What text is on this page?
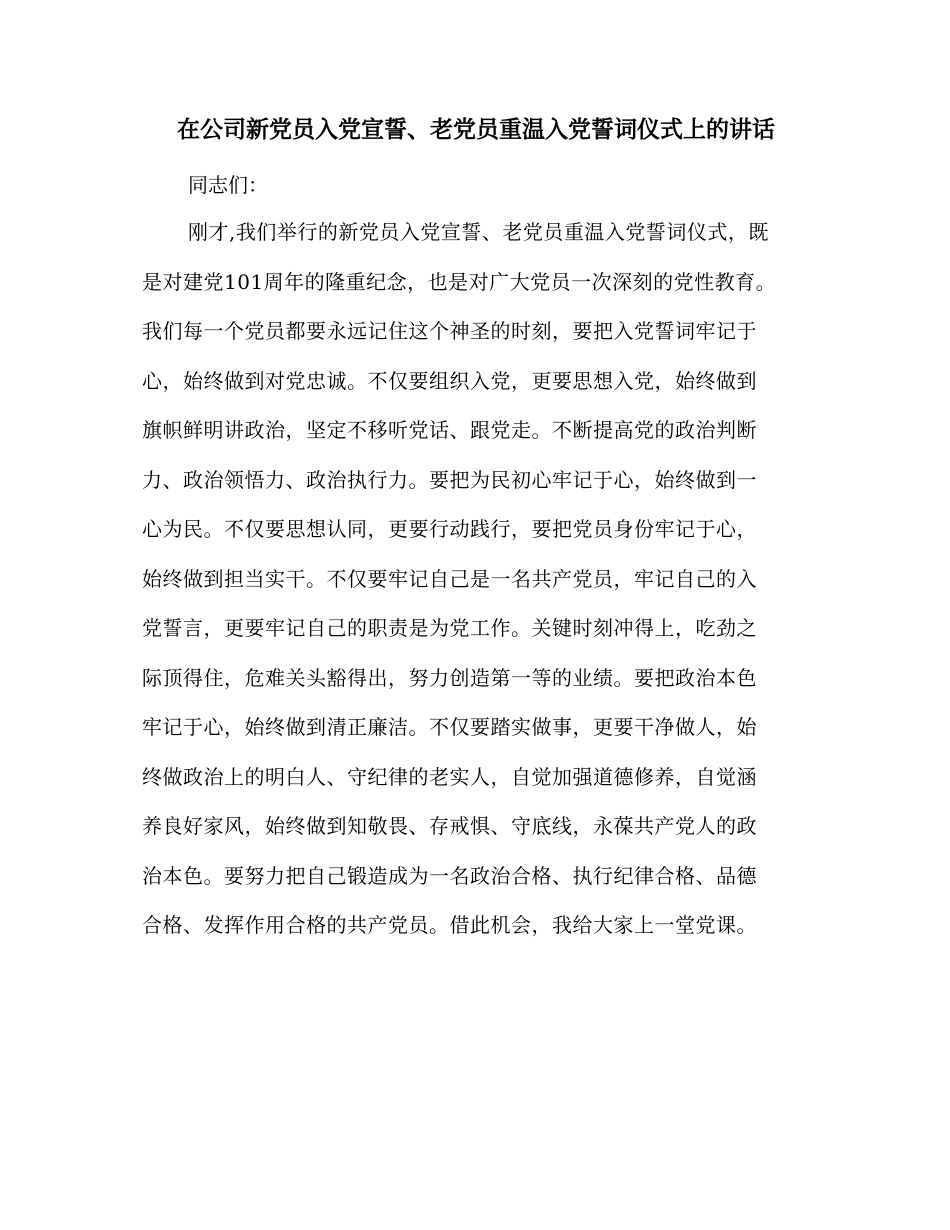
在公司新党员入党宣誓、老党员重温入党誓词仪式上的讲话

同志们：

刚才,我们举行的新党员入党宣誓、老党员重温入党誓词仪式，既
是对建党101周年的隆重纪念，也是对广大党员一次深刻的党性教育。
我们每一个党员都要永远记住这个神圣的时刻，要把入党誓词牢记于
心，始终做到对党忠诚。不仅要组织入党，更要思想入党，始终做到
旗帜鲜明讲政治，坚定不移听党话、跟党走。不断提高党的政治判断
力、政治领悟力、政治执行力。要把为民初心牢记于心，始终做到一
心为民。不仅要思想认同，更要行动践行，要把党员身份牢记于心，
始终做到担当实干。不仅要牢记自己是一名共产党员，牢记自己的入
党誓言，更要牢记自己的职责是为党工作。关键时刻冲得上，吃劲之
际顶得住，危难关头豁得出，努力创造第一等的业绩。要把政治本色
牢记于心，始终做到清正廉洁。不仅要踏实做事，更要干净做人，始
终做政治上的明白人、守纪律的老实人，自觉加强道德修养，自觉涵
养良好家风，始终做到知敬畏、存戒惧、守底线，永葆共产党人的政
治本色。要努力把自己锻造成为一名政治合格、执行纪律合格、品德
合格、发挥作用合格的共产党员。借此机会，我给大家上一堂党课。
